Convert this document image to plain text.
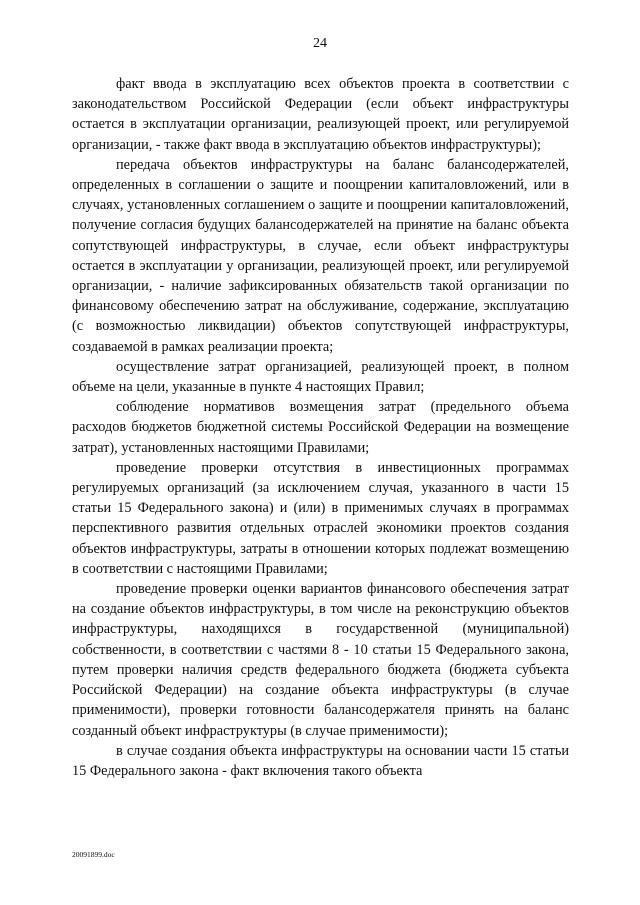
24

факт ввода в эксплуатацию всех объектов проекта в соответствии с законодательством Российской Федерации (если объект инфраструктуры остается в эксплуатации организации, реализующей проект, или регулируемой организации, - также факт ввода в эксплуатацию объектов инфраструктуры);

передача объектов инфраструктуры на баланс балансодержателей, определенных в соглашении о защите и поощрении капиталовложений, или в случаях, установленных соглашением о защите и поощрении капиталовложений, получение согласия будущих балансодержателей на принятие на баланс объекта сопутствующей инфраструктуры, в случае, если объект инфраструктуры остается в эксплуатации у организации, реализующей проект, или регулируемой организации, - наличие зафиксированных обязательств такой организации по финансовому обеспечению затрат на обслуживание, содержание, эксплуатацию (с возможностью ликвидации) объектов сопутствующей инфраструктуры, создаваемой в рамках реализации проекта;

осуществление затрат организацией, реализующей проект, в полном объеме на цели, указанные в пункте 4 настоящих Правил;

соблюдение нормативов возмещения затрат (предельного объема расходов бюджетов бюджетной системы Российской Федерации на возмещение затрат), установленных настоящими Правилами;

проведение проверки отсутствия в инвестиционных программах регулируемых организаций (за исключением случая, указанного в части 15 статьи 15 Федерального закона) и (или) в применимых случаях в программах перспективного развития отдельных отраслей экономики проектов создания объектов инфраструктуры, затраты в отношении которых подлежат возмещению в соответствии с настоящими Правилами;

проведение проверки оценки вариантов финансового обеспечения затрат на создание объектов инфраструктуры, в том числе на реконструкцию объектов инфраструктуры, находящихся в государственной (муниципальной) собственности, в соответствии с частями 8 - 10 статьи 15 Федерального закона, путем проверки наличия средств федерального бюджета (бюджета субъекта Российской Федерации) на создание объекта инфраструктуры (в случае применимости), проверки готовности балансодержателя принять на баланс созданный объект инфраструктуры (в случае применимости);

в случае создания объекта инфраструктуры на основании части 15 статьи 15 Федерального закона - факт включения такого объекта

20091899.doc
